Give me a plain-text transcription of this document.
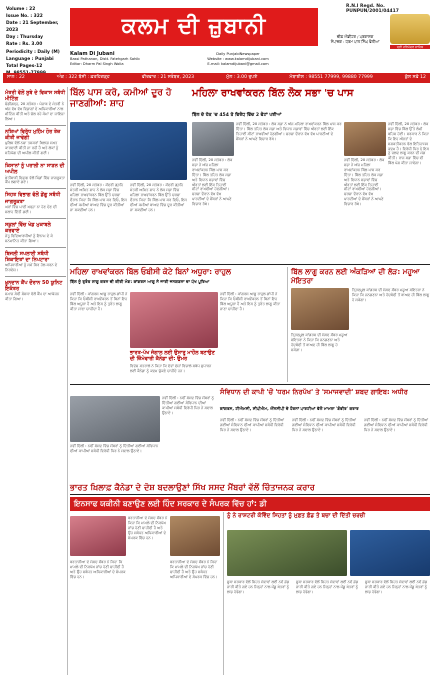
Volume : 22
Issue No. : 322
Date : 21 September, 2023
Day : Thursday
Rate : Rs. 3.00
Periodicity : Daily (M)
Language : Punjabi
Total Pages-12
ਕਲਮ ਦੀ ਜ਼ੁਬਾਨੀ
R.N.I Regd. No. PUNPUN/2001/04417
ਚੀਫ਼ ਐਡੀਟਰ / ਪਰਕਾਸ਼ਕ
ਸੰਪਾਦਕ : ਧਰਮ ਪਾਲ ਸਿੰਘ ਵੋਲੀਆ
ਸ੍ਰੀ ਹਰਿਮੰਦਰ ਸਾਹਿਬ
Kalam Di Jubani
Bassi Pathanan, Distt. Fatehgarh Sahib
Editor: Dharm Pal Singh Wolia
Daily PunjabiNewspaper
Website : www.kalamdijubani.com
E-mail: kalamdijubani@gmail.com
ਸਾਲ : 22	ਅੰਕ : 322 ਬੱਸੀ : ਫ਼ਤਹਿਗੜ੍ਹ	ਵੀਰਵਾਰ : 21 ਸਤੰਬਰ, 2023	ਮੁੱਲ : 3.00 ਰੁਪਏ	ਮੋਬਾਈਲ : 98551 77999, 99880 77999	ਕੁੱਲ ਸਫ਼ੇ 12
ਮੰਤਰੀ ਵੱਲੋਂ ਸੂਬੇ ਦੇ ਵਿਕਾਸ ਸਬੰਧੀ ਮੀਟਿੰਗ
ਚੰਡੀਗੜ੍ਹ, 20 ਸਤੰਬਰ : ਪੰਜਾਬ ਦੇ ਮੰਤਰੀ ਨੇ ਅੱਜ ਵੱਖ ਵੱਖ ਵਿਭਾਗਾਂ ਦੇ ਅਧਿਕਾਰੀਆਂ ਨਾਲ ਮੀਟਿੰਗ ਕੀਤੀ ਅਤੇ ਚੱਲ ਰਹੇ ਕੰਮਾਂ ਦਾ ਜਾਇਜ਼ਾ ਲਿਆ।
ਨਸ਼ਿਆਂ ਵਿਰੁੱਧ ਮੁਹਿੰਮ ਹੋਰ ਤੇਜ਼ ਕੀਤੀ ਜਾਵੇਗੀ
ਪੁਲਿਸ ਵੱਲੋਂ ਨਸ਼ਾ ਤਸਕਰਾਂ ਖਿਲਾਫ਼ ਸਖ਼ਤ ਕਾਰਵਾਈ ਕੀਤੀ ਜਾ ਰਹੀ ਹੈ ਅਤੇ ਲੋਕਾਂ ਨੂੰ ਸਹਿਯੋਗ ਦੀ ਅਪੀਲ ਕੀਤੀ ਗਈ।
ਕਿਸਾਨਾਂ ਨੂੰ ਪਰਾਲੀ ਨਾ ਸਾੜਨ ਦੀ ਅਪੀਲ
ਖੇਤੀਬਾੜੀ ਵਿਭਾਗ ਵੱਲੋਂ ਪਿੰਡਾਂ ਵਿੱਚ ਜਾਗਰੂਕਤਾ ਕੈਂਪ ਲਗਾਏ ਗਏ।
ਸਿਹਤ ਵਿਭਾਗ ਵੱਲੋਂ ਡੇਂਗੂ ਸਬੰਧੀ ਜਾਗਰੂਕਤਾ
ਘਰਾਂ ਵਿੱਚ ਪਾਣੀ ਖੜ੍ਹਾ ਨਾ ਹੋਣ ਦੇਣ ਦੀ ਸਲਾਹ ਦਿੱਤੀ ਗਈ।
ਸਕੂਲਾਂ ਵਿੱਚ ਖੇਡ ਮੁਕਾਬਲੇ ਕਰਵਾਏ
ਜੇਤੂ ਵਿਦਿਆਰਥੀਆਂ ਨੂੰ ਇਨਾਮ ਦੇ ਕੇ ਸਨਮਾਨਿਤ ਕੀਤਾ ਗਿਆ।
ਬਿਜਲੀ ਸਪਲਾਈ ਸਬੰਧੀ ਸ਼ਿਕਾਇਤਾਂ ਦਾ ਨਿਪਟਾਰਾ
ਅਧਿਕਾਰੀਆਂ ਨੂੰ ਸਮੇਂ ਸਿਰ ਹੱਲ ਕਰਨ ਦੇ ਨਿਰਦੇਸ਼।
ਖ਼ੂਨਦਾਨ ਕੈਂਪ ਦੌਰਾਨ 50 ਯੂਨਿਟ ਇਕੱਤਰ
ਸਮਾਜ ਸੇਵੀ ਸੰਸਥਾ ਵੱਲੋਂ ਕੈਂਪ ਦਾ ਆਯੋਜਨ ਕੀਤਾ ਗਿਆ।
ਬਿੱਲ ਪਾਸ ਕਰੋ, ਕਮੀਆਂ ਦੂਰ ਹੋ ਜਾਣਗੀਆਂ: ਸ਼ਾਹ
ਮਹਿਲਾ ਰਾਖਵਾਂਕਰਨ ਬਿੱਲ ਲੋਕ ਸਭਾ 'ਚ ਪਾਸ
ਬਿੱਲ ਦੇ ਹੱਕ 'ਚ 454 ਤੇ ਵਿਰੋਧ ਵਿੱਚ 2 ਵੋਟਾਂ ਪਈਆਂ
ਨਵੀਂ ਦਿੱਲੀ, 20 ਸਤੰਬਰ : ਕੇਂਦਰੀ ਗ੍ਰਹਿ ਮੰਤਰੀ ਅਮਿਤ ਸ਼ਾਹ ਨੇ ਲੋਕ ਸਭਾ ਵਿੱਚ ਮਹਿਲਾ ਰਾਖਵਾਂਕਰਨ ਬਿੱਲ ਉੱਤੇ ਚਰਚਾ ਦੌਰਾਨ ਕਿਹਾ ਕਿ ਬਿੱਲ ਪਾਸ ਕਰ ਦਿਓ, ਇਸ ਦੀਆਂ ਕਮੀਆਂ ਬਾਅਦ ਵਿੱਚ ਦੂਰ ਕੀਤੀਆਂ ਜਾ ਸਕਦੀਆਂ ਹਨ।
ਨਵੀਂ ਦਿੱਲੀ, 20 ਸਤੰਬਰ : ਕੇਂਦਰੀ ਗ੍ਰਹਿ ਮੰਤਰੀ ਅਮਿਤ ਸ਼ਾਹ ਨੇ ਲੋਕ ਸਭਾ ਵਿੱਚ ਮਹਿਲਾ ਰਾਖਵਾਂਕਰਨ ਬਿੱਲ ਉੱਤੇ ਚਰਚਾ ਦੌਰਾਨ ਕਿਹਾ ਕਿ ਬਿੱਲ ਪਾਸ ਕਰ ਦਿਓ, ਇਸ ਦੀਆਂ ਕਮੀਆਂ ਬਾਅਦ ਵਿੱਚ ਦੂਰ ਕੀਤੀਆਂ ਜਾ ਸਕਦੀਆਂ ਹਨ।
ਨਵੀਂ ਦਿੱਲੀ, 20 ਸਤੰਬਰ : ਲੋਕ ਸਭਾ ਨੇ ਅੱਜ ਮਹਿਲਾ ਰਾਖਵਾਂਕਰਨ ਬਿੱਲ ਪਾਸ ਕਰ ਦਿੱਤਾ। ਬਿੱਲ ਤਹਿਤ ਲੋਕ ਸਭਾ ਅਤੇ ਵਿਧਾਨ ਸਭਾਵਾਂ ਵਿੱਚ ਔਰਤਾਂ ਲਈ ਇੱਕ ਤਿਹਾਈ ਸੀਟਾਂ ਰਾਖਵੀਆਂ ਹੋਣਗੀਆਂ। ਚਰਚਾ ਦੌਰਾਨ ਵੱਖ ਵੱਖ ਪਾਰਟੀਆਂ ਦੇ ਮੈਂਬਰਾਂ ਨੇ ਆਪਣੇ ਵਿਚਾਰ ਰੱਖੇ।
ਨਵੀਂ ਦਿੱਲੀ, 20 ਸਤੰਬਰ : ਲੋਕ ਸਭਾ ਵਿੱਚ ਬਿੱਲ ਉੱਤੇ ਲੰਮੀ ਬਹਿਸ ਹੋਈ। ਸਰਕਾਰ ਨੇ ਕਿਹਾ ਕਿ ਇਹ ਔਰਤਾਂ ਦੇ ਸਸ਼ਕਤੀਕਰਨ ਵੱਲ ਇਤਿਹਾਸਕ ਕਦਮ ਹੈ। ਵਿਰੋਧੀ ਧਿਰ ਨੇ ਇਸ ਨੂੰ ਜਲਦ ਲਾਗੂ ਕਰਨ ਦੀ ਮੰਗ ਕੀਤੀ। ਰਾਜ ਸਭਾ ਵਿੱਚ ਵੀ ਬਿੱਲ ਪੇਸ਼ ਕੀਤਾ ਜਾਵੇਗਾ।
ਨਵੀਂ ਦਿੱਲੀ, 20 ਸਤੰਬਰ : ਲੋਕ ਸਭਾ ਨੇ ਅੱਜ ਮਹਿਲਾ ਰਾਖਵਾਂਕਰਨ ਬਿੱਲ ਪਾਸ ਕਰ ਦਿੱਤਾ। ਬਿੱਲ ਤਹਿਤ ਲੋਕ ਸਭਾ ਅਤੇ ਵਿਧਾਨ ਸਭਾਵਾਂ ਵਿੱਚ ਔਰਤਾਂ ਲਈ ਇੱਕ ਤਿਹਾਈ ਸੀਟਾਂ ਰਾਖਵੀਆਂ ਹੋਣਗੀਆਂ। ਚਰਚਾ ਦੌਰਾਨ ਵੱਖ ਵੱਖ ਪਾਰਟੀਆਂ ਦੇ ਮੈਂਬਰਾਂ ਨੇ ਆਪਣੇ ਵਿਚਾਰ ਰੱਖੇ।
ਨਵੀਂ ਦਿੱਲੀ, 20 ਸਤੰਬਰ : ਲੋਕ ਸਭਾ ਨੇ ਅੱਜ ਮਹਿਲਾ ਰਾਖਵਾਂਕਰਨ ਬਿੱਲ ਪਾਸ ਕਰ ਦਿੱਤਾ। ਬਿੱਲ ਤਹਿਤ ਲੋਕ ਸਭਾ ਅਤੇ ਵਿਧਾਨ ਸਭਾਵਾਂ ਵਿੱਚ ਔਰਤਾਂ ਲਈ ਇੱਕ ਤਿਹਾਈ ਸੀਟਾਂ ਰਾਖਵੀਆਂ ਹੋਣਗੀਆਂ। ਚਰਚਾ ਦੌਰਾਨ ਵੱਖ ਵੱਖ ਪਾਰਟੀਆਂ ਦੇ ਮੈਂਬਰਾਂ ਨੇ ਆਪਣੇ ਵਿਚਾਰ ਰੱਖੇ।
ਮਹਿਲਾ ਰਾਖਵਾਂਕਰਨ ਬਿੱਲ ਓਬੀਸੀ ਕੋਟੇ ਬਿਨਾਂ ਅਧੂਰਾ: ਰਾਹੁਲ
ਬਿੱਲ ਨੂੰ ਤੁਰੰਤ ਲਾਗੂ ਕਰਨ ਦੀ ਕੀਤੀ ਮੰਗ: ਕਾਂਗਰਸ ਆਗੂ ਨੇ ਜਾਤੀ ਜਨਗਣਨਾ ਦਾ ਪੱਖ ਪੂਰਿਆ
ਨਵੀਂ ਦਿੱਲੀ : ਕਾਂਗਰਸ ਆਗੂ ਰਾਹੁਲ ਗਾਂਧੀ ਨੇ ਕਿਹਾ ਕਿ ਓਬੀਸੀ ਰਾਖਵੇਂਕਰਨ ਤੋਂ ਬਿਨਾਂ ਇਹ ਬਿੱਲ ਅਧੂਰਾ ਹੈ ਅਤੇ ਇਸ ਨੂੰ ਤੁਰੰਤ ਲਾਗੂ ਕੀਤਾ ਜਾਣਾ ਚਾਹੀਦਾ ਹੈ।
ਨਵੀਂ ਦਿੱਲੀ : ਕਾਂਗਰਸ ਆਗੂ ਰਾਹੁਲ ਗਾਂਧੀ ਨੇ ਕਿਹਾ ਕਿ ਓਬੀਸੀ ਰਾਖਵੇਂਕਰਨ ਤੋਂ ਬਿਨਾਂ ਇਹ ਬਿੱਲ ਅਧੂਰਾ ਹੈ ਅਤੇ ਇਸ ਨੂੰ ਤੁਰੰਤ ਲਾਗੂ ਕੀਤਾ ਜਾਣਾ ਚਾਹੀਦਾ ਹੈ।
ਬਿੱਲ ਲਾਗੂ ਕਰਨ ਲਈ ਅੰਕੜਿਆਂ ਦੀ ਲੋੜ: ਮਹੂਆ ਮੋਇਤਰਾ
ਤ੍ਰਿਣਮੂਲ ਕਾਂਗਰਸ ਦੀ ਸੰਸਦ ਮੈਂਬਰ ਮਹੂਆ ਮੋਇਤਰਾ ਨੇ ਕਿਹਾ ਕਿ ਜਨਗਣਨਾ ਅਤੇ ਹੱਦਬੰਦੀ ਤੋਂ ਬਾਅਦ ਹੀ ਬਿੱਲ ਲਾਗੂ ਹੋ ਸਕੇਗਾ।
ਤ੍ਰਿਣਮੂਲ ਕਾਂਗਰਸ ਦੀ ਸੰਸਦ ਮੈਂਬਰ ਮਹੂਆ ਮੋਇਤਰਾ ਨੇ ਕਿਹਾ ਕਿ ਜਨਗਣਨਾ ਅਤੇ ਹੱਦਬੰਦੀ ਤੋਂ ਬਾਅਦ ਹੀ ਬਿੱਲ ਲਾਗੂ ਹੋ ਸਕੇਗਾ।
ਭਾਰਤ-ਪੱਖ ਜੰਗਾਲ ਲਈ ਉਸਾਰੂ ਮਾਹੌਲ ਬਣਾਉਣ ਦੀ ਜ਼ਿੰਮੇਵਾਰੀ ਕੈਨੇਡਾ ਦੀ: ਉਮਰ
ਵਿਦੇਸ਼ ਮੰਤਰਾਲੇ ਨੇ ਕਿਹਾ ਕਿ ਦੋਵਾਂ ਦੇਸ਼ਾਂ ਵਿਚਾਲੇ ਸਬੰਧ ਸੁਧਾਰਨ ਲਈ ਕੈਨੇਡਾ ਨੂੰ ਕਦਮ ਚੁੱਕਣੇ ਚਾਹੀਦੇ ਹਨ।
ਸੰਵਿਧਾਨ ਦੀ ਕਾਪੀ 'ਚੋਂ 'ਧਰਮ ਨਿਰਪੱਖ' ਤੇ 'ਸਮਾਜਵਾਦੀ' ਸ਼ਬਦ ਗਾਇਬ: ਅਧੀਰ
ਕਾਂਗਰਸ, ਟੀਐਮਸੀ, ਸੀਪੀਐਮ, ਐੱਨਸੀਪੀ ਦੇ ਹੋਰਨਾਂ ਪਾਰਟੀਆਂ ਵੱਲੋਂ ਮਾਮਲਾ 'ਗੰਭੀਰ' ਕਰਾਰ
ਨਵੀਂ ਦਿੱਲੀ : ਨਵੀਂ ਸੰਸਦ ਵਿੱਚ ਮੈਂਬਰਾਂ ਨੂੰ ਦਿੱਤੀਆਂ ਗਈਆਂ ਸੰਵਿਧਾਨ ਦੀਆਂ ਕਾਪੀਆਂ ਸਬੰਧੀ ਵਿਰੋਧੀ ਧਿਰ ਨੇ ਸਵਾਲ ਉਠਾਏ।
ਨਵੀਂ ਦਿੱਲੀ : ਨਵੀਂ ਸੰਸਦ ਵਿੱਚ ਮੈਂਬਰਾਂ ਨੂੰ ਦਿੱਤੀਆਂ ਗਈਆਂ ਸੰਵਿਧਾਨ ਦੀਆਂ ਕਾਪੀਆਂ ਸਬੰਧੀ ਵਿਰੋਧੀ ਧਿਰ ਨੇ ਸਵਾਲ ਉਠਾਏ।
ਨਵੀਂ ਦਿੱਲੀ : ਨਵੀਂ ਸੰਸਦ ਵਿੱਚ ਮੈਂਬਰਾਂ ਨੂੰ ਦਿੱਤੀਆਂ ਗਈਆਂ ਸੰਵਿਧਾਨ ਦੀਆਂ ਕਾਪੀਆਂ ਸਬੰਧੀ ਵਿਰੋਧੀ ਧਿਰ ਨੇ ਸਵਾਲ ਉਠਾਏ।
ਨਵੀਂ ਦਿੱਲੀ : ਨਵੀਂ ਸੰਸਦ ਵਿੱਚ ਮੈਂਬਰਾਂ ਨੂੰ ਦਿੱਤੀਆਂ ਗਈਆਂ ਸੰਵਿਧਾਨ ਦੀਆਂ ਕਾਪੀਆਂ ਸਬੰਧੀ ਵਿਰੋਧੀ ਧਿਰ ਨੇ ਸਵਾਲ ਉਠਾਏ।
ਨਵੀਂ ਦਿੱਲੀ : ਨਵੀਂ ਸੰਸਦ ਵਿੱਚ ਮੈਂਬਰਾਂ ਨੂੰ ਦਿੱਤੀਆਂ ਗਈਆਂ ਸੰਵਿਧਾਨ ਦੀਆਂ ਕਾਪੀਆਂ ਸਬੰਧੀ ਵਿਰੋਧੀ ਧਿਰ ਨੇ ਸਵਾਲ ਉਠਾਏ।
ਭਾਰਤ ਖ਼ਿਲਾਫ਼ ਕੈਨੇਡਾ ਦੇ ਦੋਸ਼ ਬਦਲਾਉਣਾਂ ਸਿੱਖ ਸਸਦ ਮੈਂਬਰਾਂ ਵੱਲੋਂ ਚਿੰਤਾਜਨਕ ਕਰਾਰ
ਇਨਸਾਫ ਯਕੀਨੀ ਬਣਾਉਣ ਲਈ ਹਿੰਦ ਸਰਕਾਰ ਦੇ ਸੰਪਰਕ ਵਿੱਚ ਹਾਂ: ਡੀ
ਬਰਤਾਨੀਆ ਦੇ ਸੰਸਦ ਮੈਂਬਰ ਨੇ ਕਿਹਾ ਕਿ ਮਾਮਲੇ ਦੀ ਨਿਰਪੱਖ ਜਾਂਚ ਹੋਣੀ ਚਾਹੀਦੀ ਹੈ ਅਤੇ ਉਹ ਸਬੰਧਤ ਅਧਿਕਾਰੀਆਂ ਦੇ ਸੰਪਰਕ ਵਿੱਚ ਹਨ।
ਬਰਤਾਨੀਆ ਦੇ ਸੰਸਦ ਮੈਂਬਰ ਨੇ ਕਿਹਾ ਕਿ ਮਾਮਲੇ ਦੀ ਨਿਰਪੱਖ ਜਾਂਚ ਹੋਣੀ ਚਾਹੀਦੀ ਹੈ ਅਤੇ ਉਹ ਸਬੰਧਤ ਅਧਿਕਾਰੀਆਂ ਦੇ ਸੰਪਰਕ ਵਿੱਚ ਹਨ।
ਬਰਤਾਨੀਆ ਦੇ ਸੰਸਦ ਮੈਂਬਰ ਨੇ ਕਿਹਾ ਕਿ ਮਾਮਲੇ ਦੀ ਨਿਰਪੱਖ ਜਾਂਚ ਹੋਣੀ ਚਾਹੀਦੀ ਹੈ ਅਤੇ ਉਹ ਸਬੰਧਤ ਅਧਿਕਾਰੀਆਂ ਦੇ ਸੰਪਰਕ ਵਿੱਚ ਹਨ।
ਨੂੰ ਨੇ ਰਾਸ਼ਟਰੀ ਕੋਵਿੰਦ ਸਿਹਤਾਂ ਨੂੰ ਮੁਫ਼ਤ ਫ਼ੰਡ ਤੇ ਬਚਾ ਦੀ ਦਿੱਤੀ ਚਰਚੀ
ਸੂਬਾ ਸਰਕਾਰ ਵੱਲੋਂ ਸਿਹਤ ਸੇਵਾਵਾਂ ਲਈ ਨਵੇਂ ਫ਼ੰਡ ਜਾਰੀ ਕੀਤੇ ਗਏ ਹਨ ਜਿਨ੍ਹਾਂ ਨਾਲ ਪੇਂਡੂ ਖੇਤਰਾਂ ਨੂੰ ਲਾਭ ਹੋਵੇਗਾ।
ਸੂਬਾ ਸਰਕਾਰ ਵੱਲੋਂ ਸਿਹਤ ਸੇਵਾਵਾਂ ਲਈ ਨਵੇਂ ਫ਼ੰਡ ਜਾਰੀ ਕੀਤੇ ਗਏ ਹਨ ਜਿਨ੍ਹਾਂ ਨਾਲ ਪੇਂਡੂ ਖੇਤਰਾਂ ਨੂੰ ਲਾਭ ਹੋਵੇਗਾ।
ਸੂਬਾ ਸਰਕਾਰ ਵੱਲੋਂ ਸਿਹਤ ਸੇਵਾਵਾਂ ਲਈ ਨਵੇਂ ਫ਼ੰਡ ਜਾਰੀ ਕੀਤੇ ਗਏ ਹਨ ਜਿਨ੍ਹਾਂ ਨਾਲ ਪੇਂਡੂ ਖੇਤਰਾਂ ਨੂੰ ਲਾਭ ਹੋਵੇਗਾ।
